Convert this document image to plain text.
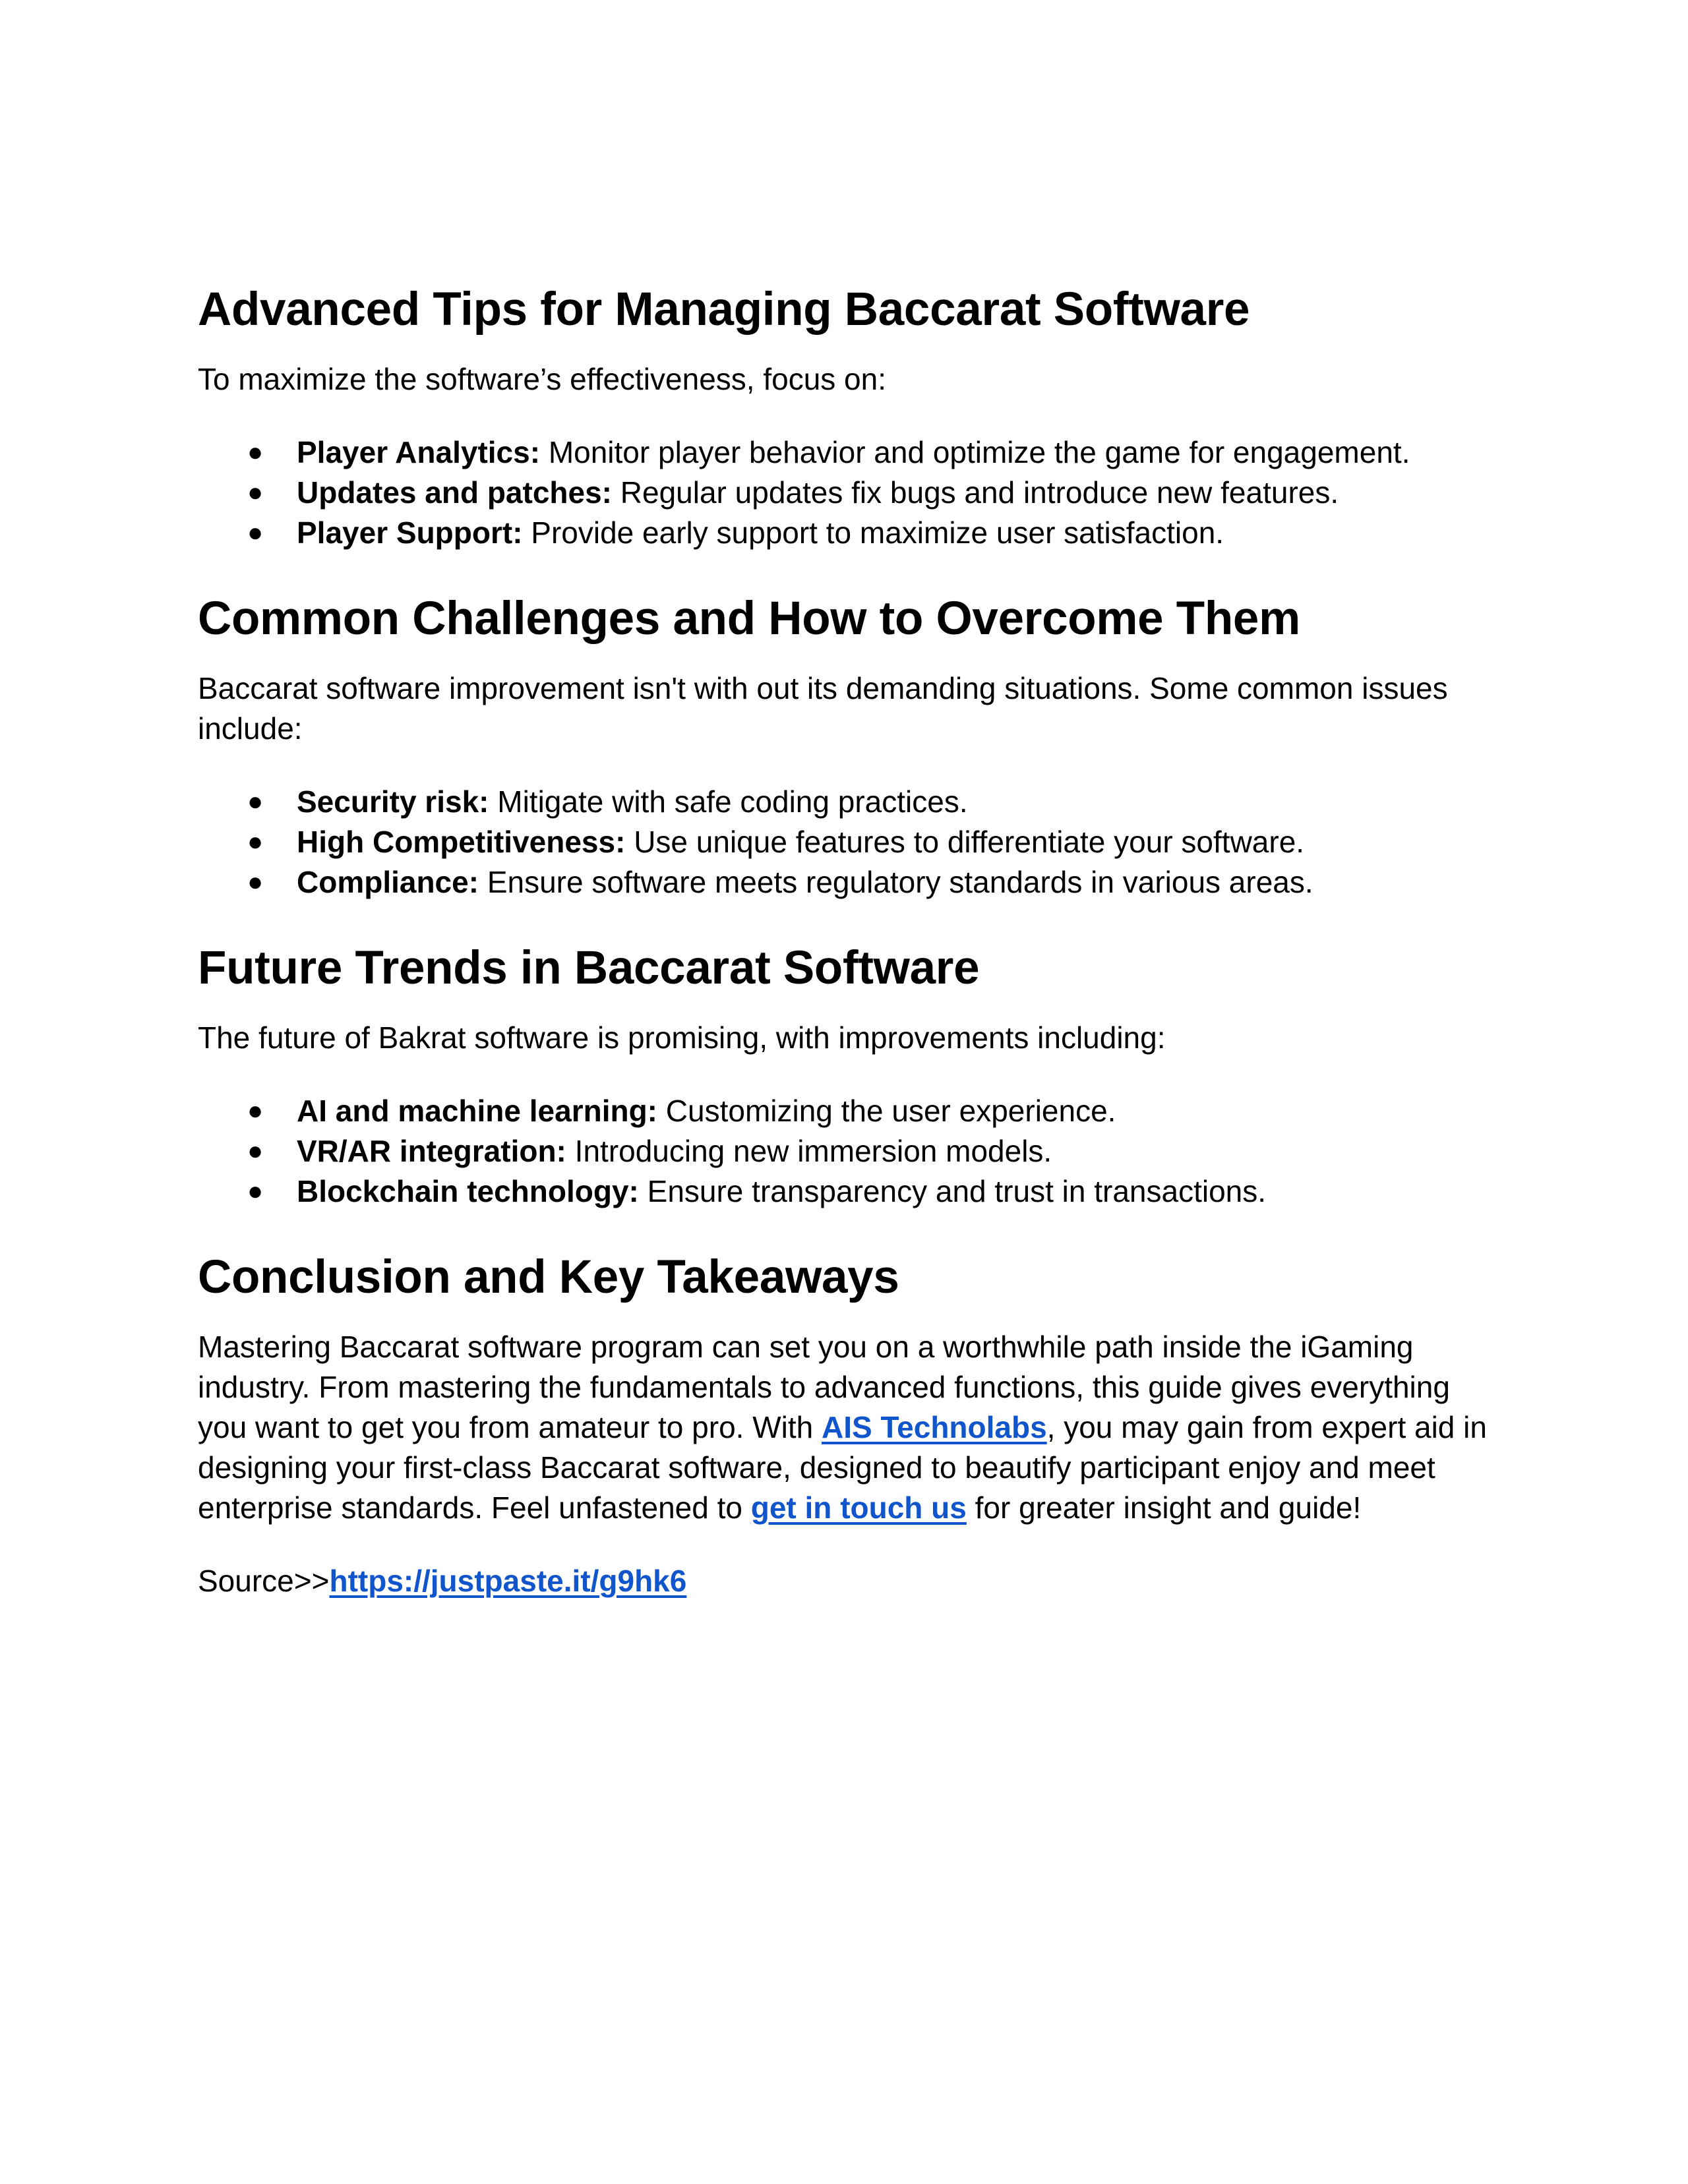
Advanced Tips for Managing Baccarat Software

To maximize the software’s effectiveness, focus on:

● Player Analytics: Monitor player behavior and optimize the game for engagement.
● Updates and patches: Regular updates fix bugs and introduce new features.
● Player Support: Provide early support to maximize user satisfaction.
Common Challenges and How to Overcome Them

Baccarat software improvement isn't with out its demanding situations. Some common issues include:

● Security risk: Mitigate with safe coding practices.
● High Competitiveness: Use unique features to differentiate your software.
● Compliance: Ensure software meets regulatory standards in various areas.
Future Trends in Baccarat Software

The future of Bakrat software is promising, with improvements including:

● AI and machine learning: Customizing the user experience.
● VR/AR integration: Introducing new immersion models.
● Blockchain technology: Ensure transparency and trust in transactions.
Conclusion and Key Takeaways

Mastering Baccarat software program can set you on a worthwhile path inside the iGaming industry. From mastering the fundamentals to advanced functions, this guide gives everything you want to get you from amateur to pro. With AIS Technolabs, you may gain from expert aid in designing your first-class Baccarat software, designed to beautify participant enjoy and meet enterprise standards. Feel unfastened to get in touch us for greater insight and guide!

Source>>https://justpaste.it/g9hk6
